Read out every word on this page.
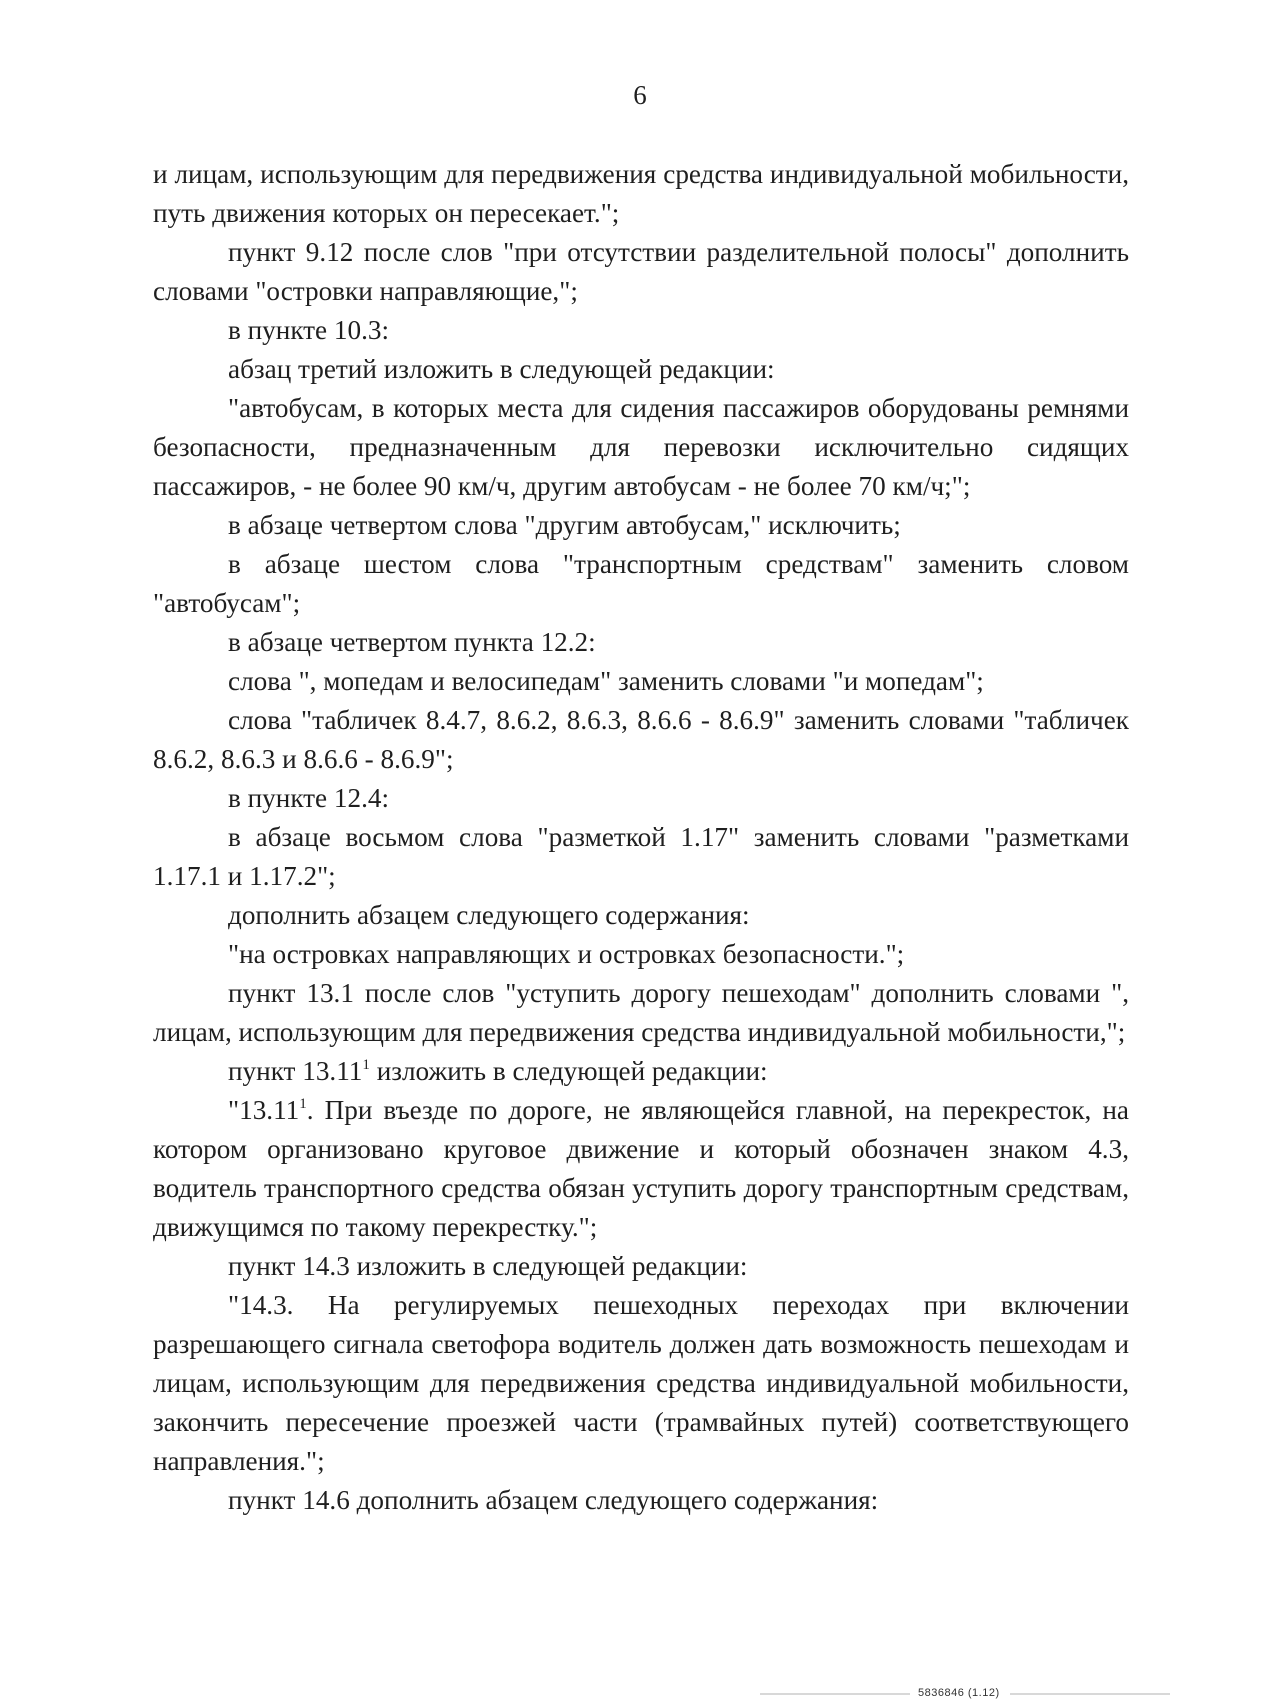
6

и лицам, использующим для передвижения средства индивидуальной мобильности, путь движения которых он пересекает.";

пункт 9.12 после слов "при отсутствии разделительной полосы" дополнить словами "островки направляющие,";

в пункте 10.3:

абзац третий изложить в следующей редакции:

"автобусам, в которых места для сидения пассажиров оборудованы ремнями безопасности, предназначенным для перевозки исключительно сидящих пассажиров, - не более 90 км/ч, другим автобусам - не более 70 км/ч;";

в абзаце четвертом слова "другим автобусам," исключить;

в абзаце шестом слова "транспортным средствам" заменить словом "автобусам";

в абзаце четвертом пункта 12.2:

слова ", мопедам и велосипедам" заменить словами "и мопедам";

слова "табличек 8.4.7, 8.6.2, 8.6.3, 8.6.6 - 8.6.9" заменить словами "табличек 8.6.2, 8.6.3 и 8.6.6 - 8.6.9";

в пункте 12.4:

в абзаце восьмом слова "разметкой 1.17" заменить словами "разметками 1.17.1 и 1.17.2";

дополнить абзацем следующего содержания:

"на островках направляющих и островках безопасности.";

пункт 13.1 после слов "уступить дорогу пешеходам" дополнить словами ", лицам, использующим для передвижения средства индивидуальной мобильности,";

пункт 13.11$^1$ изложить в следующей редакции:

"13.11$^1$. При въезде по дороге, не являющейся главной, на перекресток, на котором организовано круговое движение и который обозначен знаком 4.3, водитель транспортного средства обязан уступить дорогу транспортным средствам, движущимся по такому перекрестку.";

пункт 14.3 изложить в следующей редакции:

"14.3. На регулируемых пешеходных переходах при включении разрешающего сигнала светофора водитель должен дать возможность пешеходам и лицам, использующим для передвижения средства индивидуальной мобильности, закончить пересечение проезжей части (трамвайных путей) соответствующего направления.";

пункт 14.6 дополнить абзацем следующего содержания:

5836846 (1.12)
